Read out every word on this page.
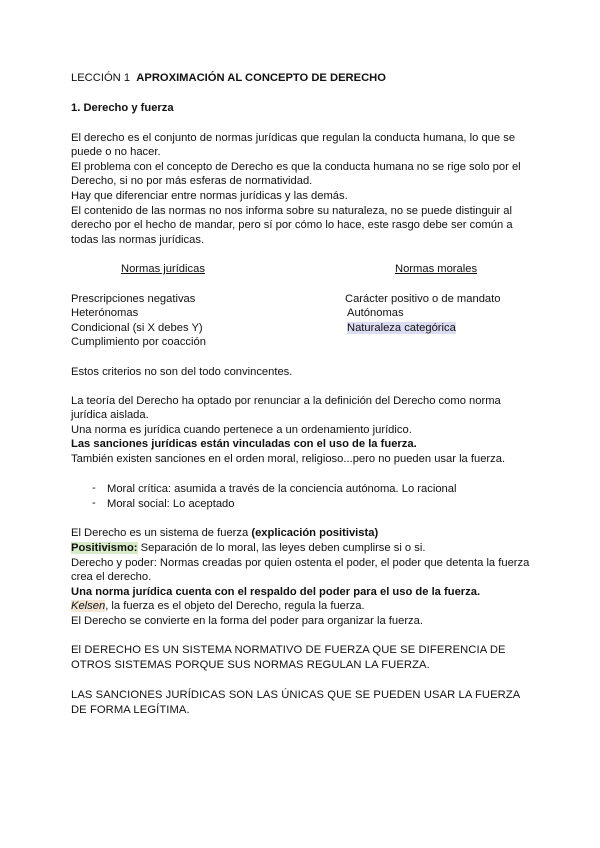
LECCIÓN 1 APROXIMACIÓN AL CONCEPTO DE DERECHO
1. Derecho y fuerza
El derecho es el conjunto de normas jurídicas que regulan la conducta humana, lo que se
puede o no hacer.
El problema con el concepto de Derecho es que la conducta humana no se rige solo por el
Derecho, si no por más esferas de normatividad.
Hay que diferenciar entre normas jurídicas y las demás.
El contenido de las normas no nos informa sobre su naturaleza, no se puede distinguir al
derecho por el hecho de mandar, pero sí por cómo lo hace, este rasgo debe ser común a
todas las normas jurídicas.
Normas jurídicas	Normas morales
Prescripciones negativas
Heterónomas
Condicional (si X debes Y)
Cumplimiento por coacción
Carácter positivo o de mandato
Autónomas
Naturaleza categórica
Estos criterios no son del todo convincentes.
La teoría del Derecho ha optado por renunciar a la definición del Derecho como norma
jurídica aislada.
Una norma es jurídica cuando pertenece a un ordenamiento jurídico.
Las sanciones jurídicas están vinculadas con el uso de la fuerza.
También existen sanciones en el orden moral, religioso...pero no pueden usar la fuerza.
- Moral crítica: asumida a través de la conciencia autónoma. Lo racional
- Moral social: Lo aceptado
El Derecho es un sistema de fuerza (explicación positivista)
Positivismo: Separación de lo moral, las leyes deben cumplirse si o si.
Derecho y poder: Normas creadas por quien ostenta el poder, el poder que detenta la fuerza
crea el derecho.
Una norma jurídica cuenta con el respaldo del poder para el uso de la fuerza.
Kelsen, la fuerza es el objeto del Derecho, regula la fuerza.
El Derecho se convierte en la forma del poder para organizar la fuerza.
El DERECHO ES UN SISTEMA NORMATIVO DE FUERZA QUE SE DIFERENCIA DE
OTROS SISTEMAS PORQUE SUS NORMAS REGULAN LA FUERZA.
LAS SANCIONES JURÍDICAS SON LAS ÚNICAS QUE SE PUEDEN USAR LA FUERZA
DE FORMA LEGÍTIMA.
